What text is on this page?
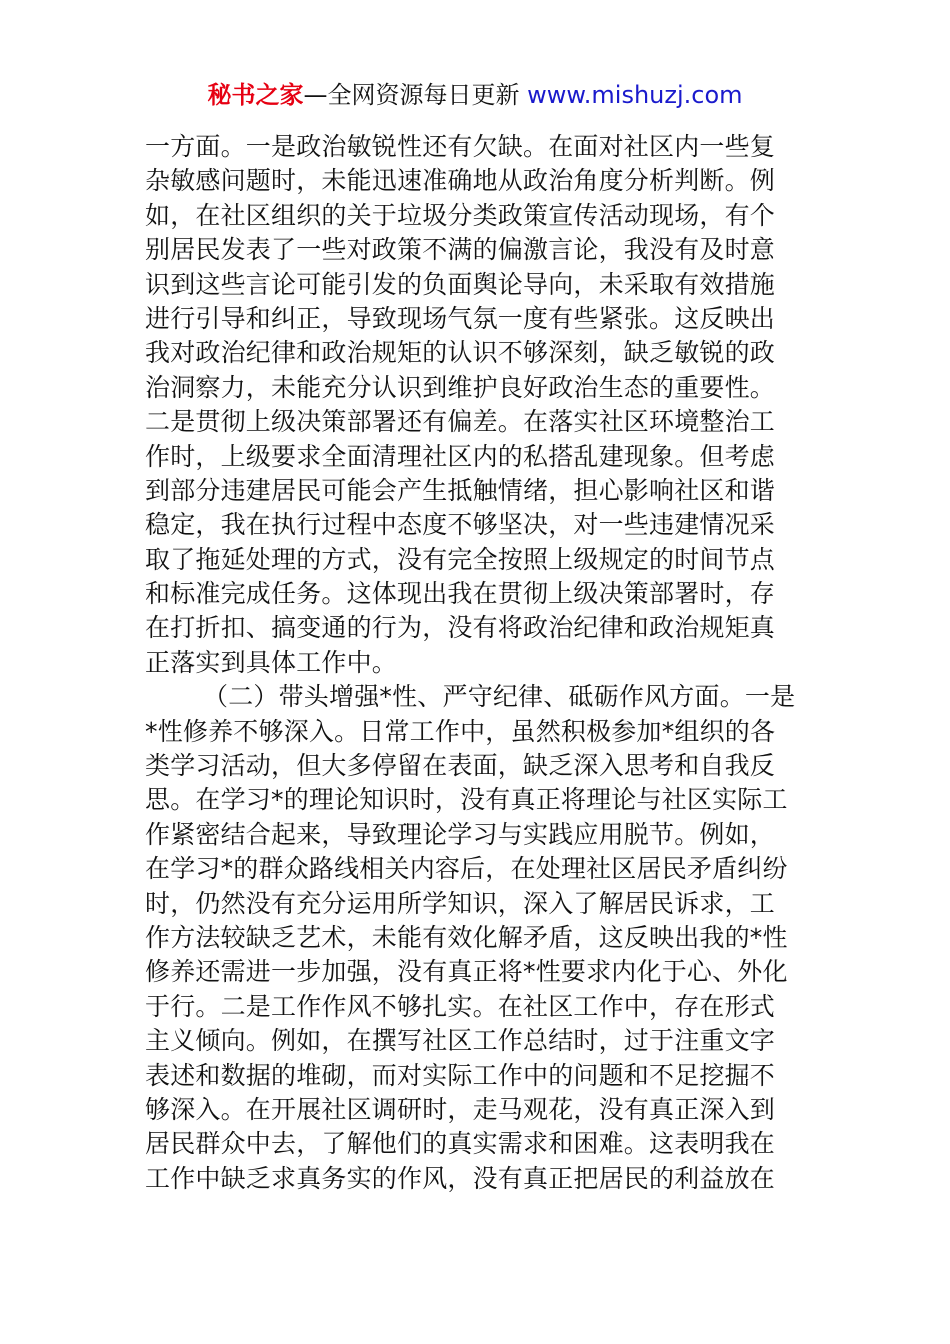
秘书之家—全网资源每日更新 www.mishuzj.com
一方面。一是政治敏锐性还有欠缺。在面对社区内一些复
杂敏感问题时，未能迅速准确地从政治角度分析判断。例
如，在社区组织的关于垃圾分类政策宣传活动现场，有个
别居民发表了一些对政策不满的偏激言论，我没有及时意
识到这些言论可能引发的负面舆论导向，未采取有效措施
进行引导和纠正，导致现场气氛一度有些紧张。这反映出
我对政治纪律和政治规矩的认识不够深刻，缺乏敏锐的政
治洞察力，未能充分认识到维护良好政治生态的重要性。
二是贯彻上级决策部署还有偏差。在落实社区环境整治工
作时，上级要求全面清理社区内的私搭乱建现象。但考虑
到部分违建居民可能会产生抵触情绪，担心影响社区和谐
稳定，我在执行过程中态度不够坚决，对一些违建情况采
取了拖延处理的方式，没有完全按照上级规定的时间节点
和标准完成任务。这体现出我在贯彻上级决策部署时，存
在打折扣、搞变通的行为，没有将政治纪律和政治规矩真
正落实到具体工作中。
（二）带头增强*性、严守纪律、砥砺作风方面。一是
*性修养不够深入。日常工作中，虽然积极参加*组织的各
类学习活动，但大多停留在表面，缺乏深入思考和自我反
思。在学习*的理论知识时，没有真正将理论与社区实际工
作紧密结合起来，导致理论学习与实践应用脱节。例如，
在学习*的群众路线相关内容后，在处理社区居民矛盾纠纷
时，仍然没有充分运用所学知识，深入了解居民诉求，工
作方法较缺乏艺术，未能有效化解矛盾，这反映出我的*性
修养还需进一步加强，没有真正将*性要求内化于心、外化
于行。二是工作作风不够扎实。在社区工作中，存在形式
主义倾向。例如，在撰写社区工作总结时，过于注重文字
表述和数据的堆砌，而对实际工作中的问题和不足挖掘不
够深入。在开展社区调研时，走马观花，没有真正深入到
居民群众中去，了解他们的真实需求和困难。这表明我在
工作中缺乏求真务实的作风，没有真正把居民的利益放在
